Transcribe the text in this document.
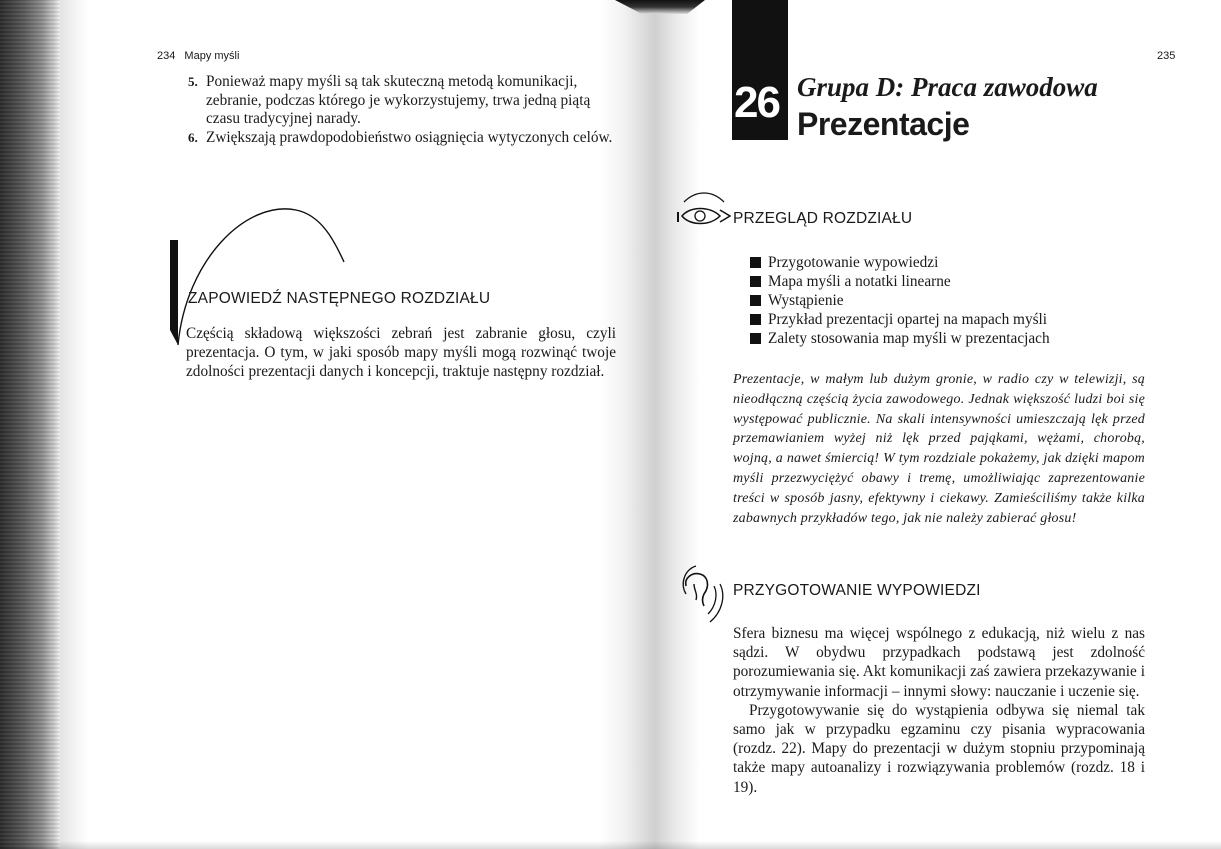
234 Mapy myśli
5. Ponieważ mapy myśli są tak skuteczną metodą komunikacji, zebranie, podczas którego je wykorzystujemy, trwa jedną piątą czasu tradycyjnej narady.
6. Zwiększają prawdopodobieństwo osiągnięcia wytyczonych celów.
ZAPOWIEDŹ NASTĘPNEGO ROZDZIAŁU

Częścią składową większości zebrań jest zabranie głosu, czyli prezentacja. O tym, w jaki sposób mapy myśli mogą rozwinąć twoje zdolności prezentacji danych i koncepcji, traktuje następny rozdział.

235
26 Grupa D: Praca zawodowa
Prezentacje
PRZEGLĄD ROZDZIAŁU
Przygotowanie wypowiedzi
Mapa myśli a notatki linearne
Wystąpienie
Przykład prezentacji opartej na mapach myśli
Zalety stosowania map myśli w prezentacjach

Prezentacje, w małym lub dużym gronie, w radio czy w telewizji, są nieodłączną częścią życia zawodowego. Jednak większość ludzi boi się występować publicznie. Na skali intensywności umieszczają lęk przed przemawianiem wyżej niż lęk przed pająkami, wężami, chorobą, wojną, a nawet śmiercią! W tym rozdziale pokażemy, jak dzięki mapom myśli przezwyciężyć obawy i tremę, umożliwiając zaprezentowanie treści w sposób jasny, efektywny i ciekawy. Zamieściliśmy także kilka zabawnych przykładów tego, jak nie należy zabierać głosu!

PRZYGOTOWANIE WYPOWIEDZI

Sfera biznesu ma więcej wspólnego z edukacją, niż wielu z nas sądzi. W obydwu przypadkach podstawą jest zdolność porozumiewania się. Akt komunikacji zaś zawiera przekazywanie i otrzymywanie informacji – innymi słowy: nauczanie i uczenie się.

Przygotowywanie się do wystąpienia odbywa się niemal tak samo jak w przypadku egzaminu czy pisania wypracowania (rozdz. 22). Mapy do prezentacji w dużym stopniu przypominają także mapy autoanalizy i rozwiązywania problemów (rozdz. 18 i 19).
